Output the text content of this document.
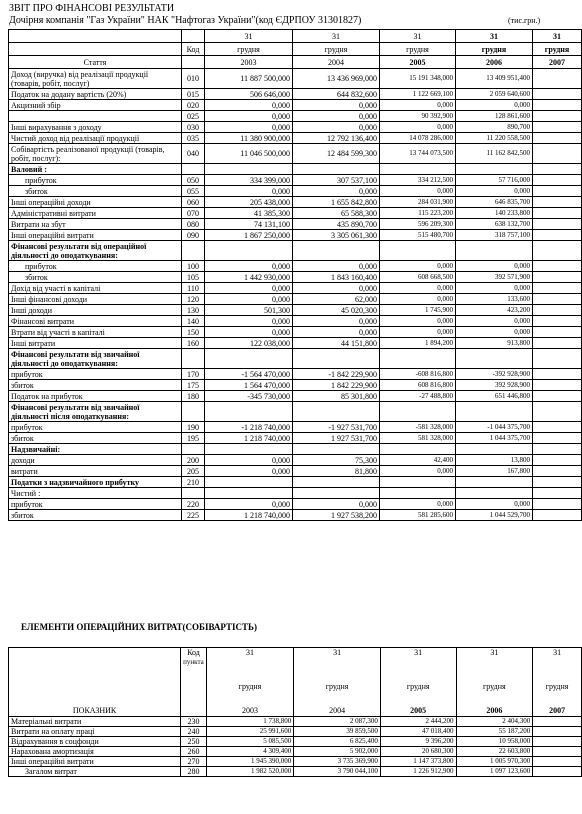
ЗВІТ ПРО ФІНАНСОВІ РЕЗУЛЬТАТИ
Дочірня компанія "Газ України" НАК "Нафтогаз України"(код ЄДРПОУ 31301827)	(тис.грн.)
		31	31	31	31	31
	Код	грудня	грудня	грудня	грудня	грудня
Стаття		2003	2004	2005	2006	2007
Доход (виручка) від реалізації продукції (товарів, робіт, послуг)	010	11 887 500,000	13 436 969,000	15 191 348,000	13 409 951,400	
Податок на додану вартість (20%)	015	506 646,000	644 832,600	1 122 669,100	2 059 640,600	
Акцизний збір	020	0,000	0,000	0,000	0,000	
	025	0,000	0,000	90 392,900	128 861,600	
Інші вирахування з доходу	030	0,000	0,000	0,000	890,700	
Чистий доход від реалізації продукції	035	11 380 900,000	12 792 136,400	14 078 286,000	11 220 558,500	
Собівартість реалізованої продукції (товарів, робіт, послуг):	040	11 046 500,000	12 484 599,300	13 744 073,500	11 162 842,500	
Валовий :						
прибуток	050	334 399,000	307 537,100	334 212,500	57 716,000	
збиток	055	0,000	0,000	0,000	0,000	
Інші операційні доходи	060	205 438,000	1 655 842,800	284 031,900	646 835,700	
Адміністративні витрати	070	41 385,300	65 588,300	115 223,200	140 233,800	
Витрати на збут	080	74 131,100	435 890,700	596 209,300	638 132,700	
Інші операційні витрати	090	1 867 250,000	3 305 061,300	515 480,700	318 757,100	
Фінансові результати від операційної діяльності до оподаткування:						
прибуток	100	0,000	0,000	0,000	0,000	
збиток	105	1 442 930,000	1 843 160,400	608 668,500	392 571,900	
Дохід від участі в капіталі	110	0,000	0,000	0,000	0,000	
Інші фінансові доходи	120	0,000	62,000	0,000	133,600	
Інші доходи	130	501,300	45 020,300	1 745,900	423,200	
Фінансові витрати	140	0,000	0,000	0,000	0,000	
Втрати від участі в капіталі	150	0,000	0,000	0,000	0,000	
Інші витрати	160	122 038,000	44 151,800	1 894,200	913,800	
Фінансові результати від звичайної діяльності до оподаткування:						
прибуток	170	-1 564 470,000	-1 842 229,900	-608 816,800	-392 928,900	
збиток	175	1 564 470,000	1 842 229,900	608 816,800	392 928,900	
Податок на прибуток	180	-345 730,000	85 301,800	-27 488,800	651 446,800	
Фінансові результати від звичайної діяльності після оподаткування:						
прибуток	190	-1 218 740,000	-1 927 531,700	-581 328,000	-1 044 375,700	
збиток	195	1 218 740,000	1 927 531,700	581 328,000	1 044 375,700	
Надзвичайні:						
доходи	200	0,000	75,300	42,400	13,800	
витрати	205	0,000	81,800	0,000	167,800	
Податки з надзвичайного прибутку	210					
Чистий :						
прибуток	220	0,000	0,000	0,000	0,000	
збиток	225	1 218 740,000	1 927 538,200	581 285,600	1 044 529,700	
ЕЛЕМЕНТИ ОПЕРАЦІЙНИХ ВИТРАТ(СОБІВАРТІСТЬ)
	Код	31	31	31	31	31
	пункта					

		грудня	грудня	грудня	грудня	грудня

ПОКАЗНИК		2003	2004	2005	2006	2007
Матеріальні витрати	230	1 738,800	2 087,300	2 444,200	2 404,300	
Витрати на оплату праці	240	25 991,600	39 859,500	47 018,400	55 187,200	
Відрахування в соцфонди	250	5 085,500	6 825,400	9 396,200	10 958,000	
Нарахована амортизація	260	4 309,400	5 902,000	20 680,300	22 603,800	
Інші операційні витрати	270	1 945 390,000	3 735 369,900	1 147 373,800	1 005 970,300	
Загалом витрат	280	1 982 520,000	3 790 044,100	1 226 912,900	1 097 123,600	
